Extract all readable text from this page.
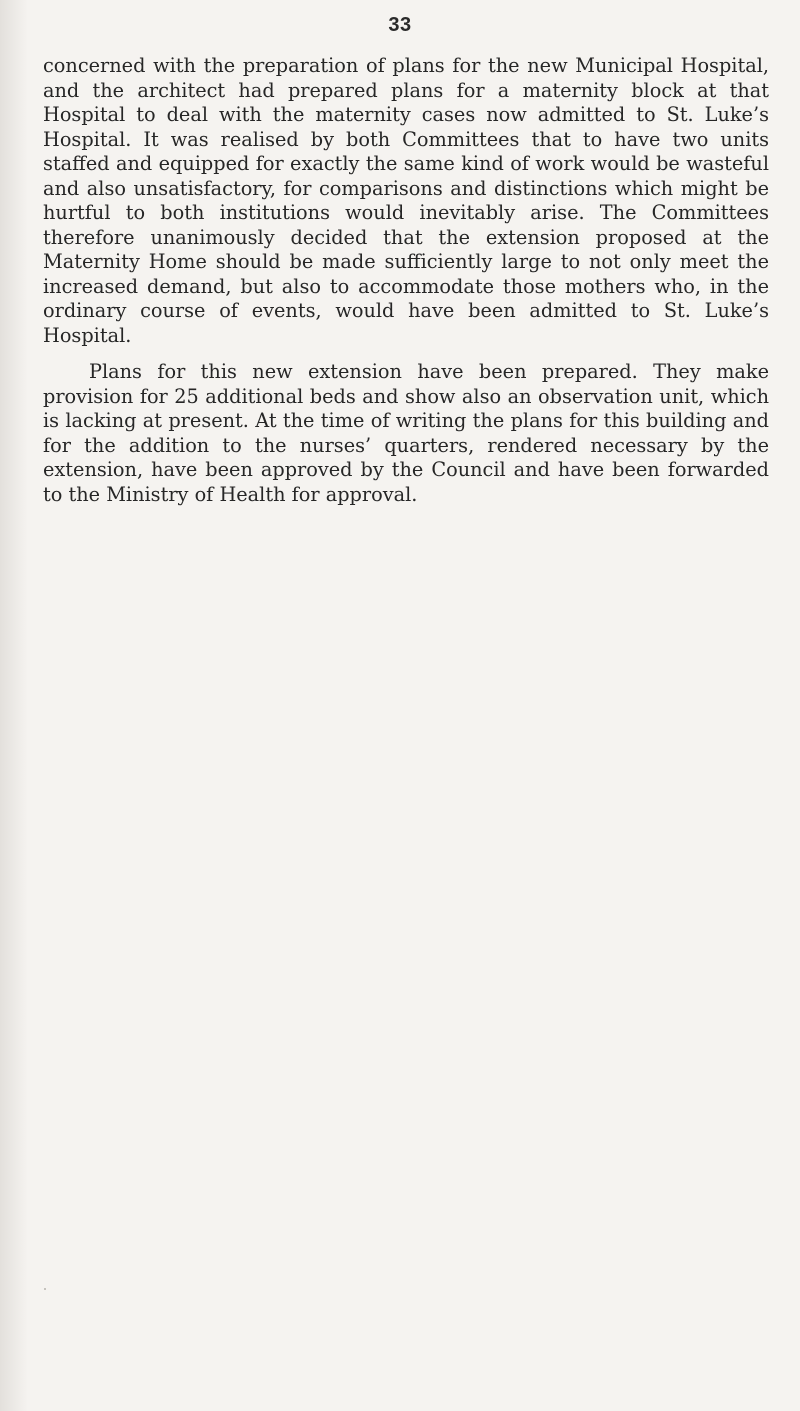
33

concerned with the preparation of plans for the new Municipal Hospital, and the architect had prepared plans for a maternity block at that Hospital to deal with the maternity cases now admitted to St. Luke’s Hospital. It was realised by both Committees that to have two units staffed and equipped for exactly the same kind of work would be wasteful and also unsatisfactory, for comparisons and distinctions which might be hurtful to both institutions would inevitably arise. The Committees therefore unanimously decided that the extension proposed at the Maternity Home should be made sufficiently large to not only meet the increased demand, but also to accommodate those mothers who, in the ordinary course of events, would have been admitted to St. Luke’s Hospital.

Plans for this new extension have been prepared. They make provision for 25 additional beds and show also an observation unit, which is lacking at present. At the time of writing the plans for this building and for the addition to the nurses’ quarters, rendered necessary by the extension, have been approved by the Council and have been forwarded to the Ministry of Health for approval.
